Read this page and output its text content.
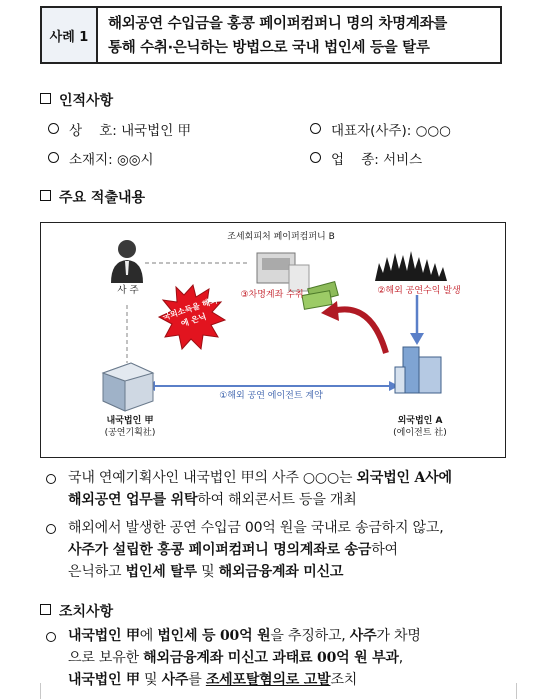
사례 1
해외공연 수입금을 홍콩 페이퍼컴퍼니 명의 차명계좌를
통해 수취·은닉하는 방법으로 국내 법인세 등을 탈루
인적사항
상    호: 내국법인 甲	대표자(사주): ○○○
소재지: ◎◎시	업    종: 서비스
주요 적출내용
사 주
조세회피처 페이퍼컴퍼니 B
③차명계좌 수취	②해외 공연수익 발생
①해외 공연 에이전트 계약
국외소득을 해외에 은닉
내국법인 甲
(공연기획社)
외국법인 A
(에이전트 社)
국내 연예기획사인 내국법인 甲의 사주 ○○○는 외국법인 A사에
해외공연 업무를 위탁하여 해외콘서트 등을 개최
해외에서 발생한 공연 수입금 00억 원을 국내로 송금하지 않고,
사주가 설립한 홍콩 페이퍼컴퍼니 명의계좌로 송금하여
은닉하고 법인세 탈루 및 해외금융계좌 미신고
조치사항
내국법인 甲에 법인세 등 00억 원을 추징하고, 사주가 차명
으로 보유한 해외금융계좌 미신고 과태료 00억 원 부과,
내국법인 甲 및 사주를 조세포탈혐의로 고발조치
